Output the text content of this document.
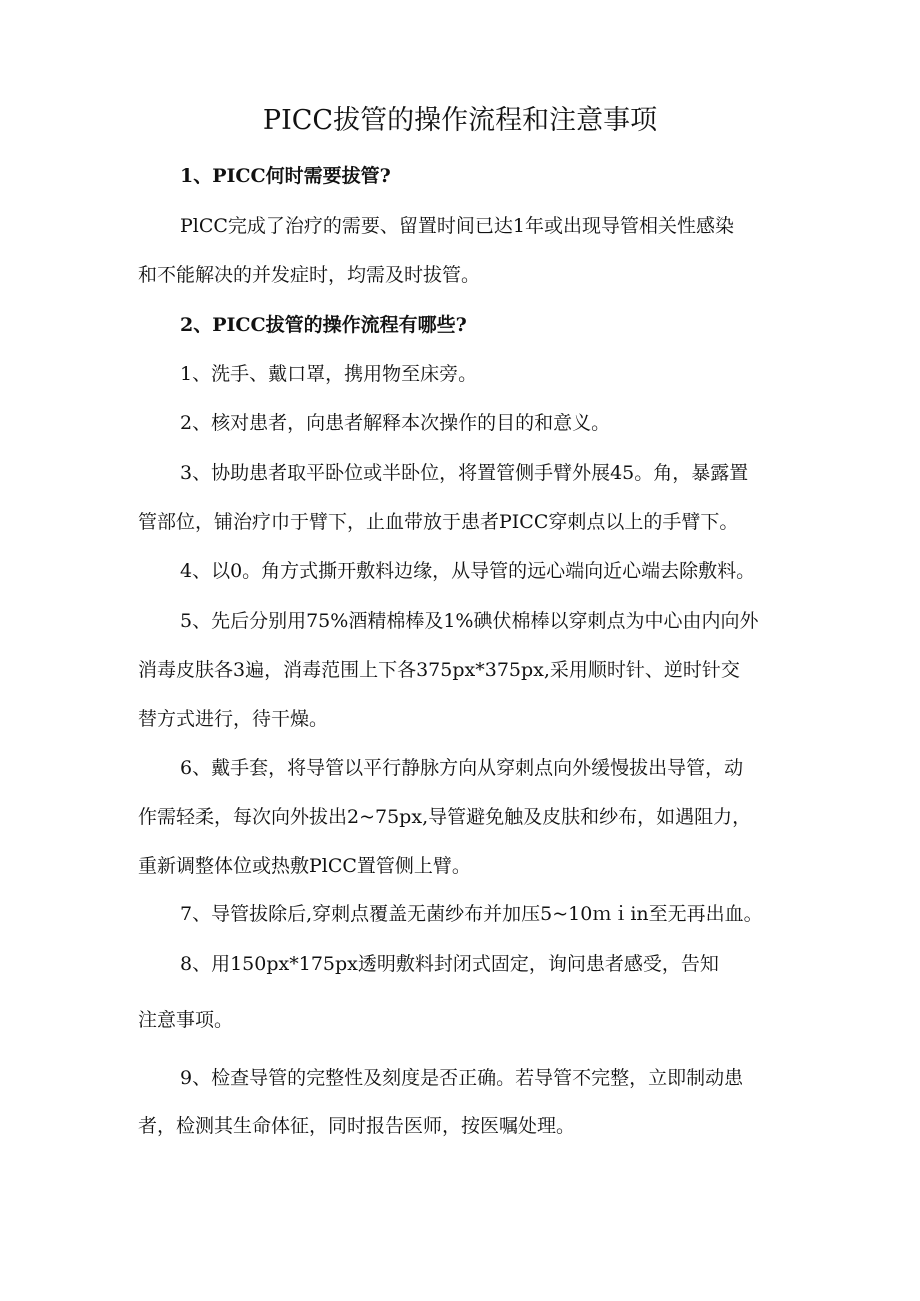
PICC拔管的操作流程和注意事项
1、PICC何时需要拔管?
PlCC完成了治疗的需要、留置时间已达1年或出现导管相关性感染
和不能解决的并发症时，均需及时拔管。
2、PICC拔管的操作流程有哪些?
1、洗手、戴口罩，携用物至床旁。
2、核对患者，向患者解释本次操作的目的和意义。
3、协助患者取平卧位或半卧位，将置管侧手臂外展45。角，暴露置
管部位，铺治疗巾于臂下，止血带放于患者PICC穿刺点以上的手臂下。
4、以0。角方式撕开敷料边缘，从导管的远心端向近心端去除敷料。
5、先后分别用75%酒精棉棒及1%碘伏棉棒以穿刺点为中心由内向外
消毒皮肤各3遍，消毒范围上下各375px*375px,采用顺时针、逆时针交
替方式进行，待干燥。
6、戴手套，将导管以平行静脉方向从穿刺点向外缓慢拔出导管，动
作需轻柔，每次向外拔出2~75px,导管避免触及皮肤和纱布，如遇阻力，
重新调整体位或热敷PlCC置管侧上臂。
7、导管拔除后,穿刺点覆盖无菌纱布并加压5~10ｍｉin至无再出血。
8、用150px*175px透明敷料封闭式固定，询问患者感受，告知
注意事项。
9、检查导管的完整性及刻度是否正确。若导管不完整，立即制动患
者，检测其生命体征，同时报告医师，按医嘱处理。
